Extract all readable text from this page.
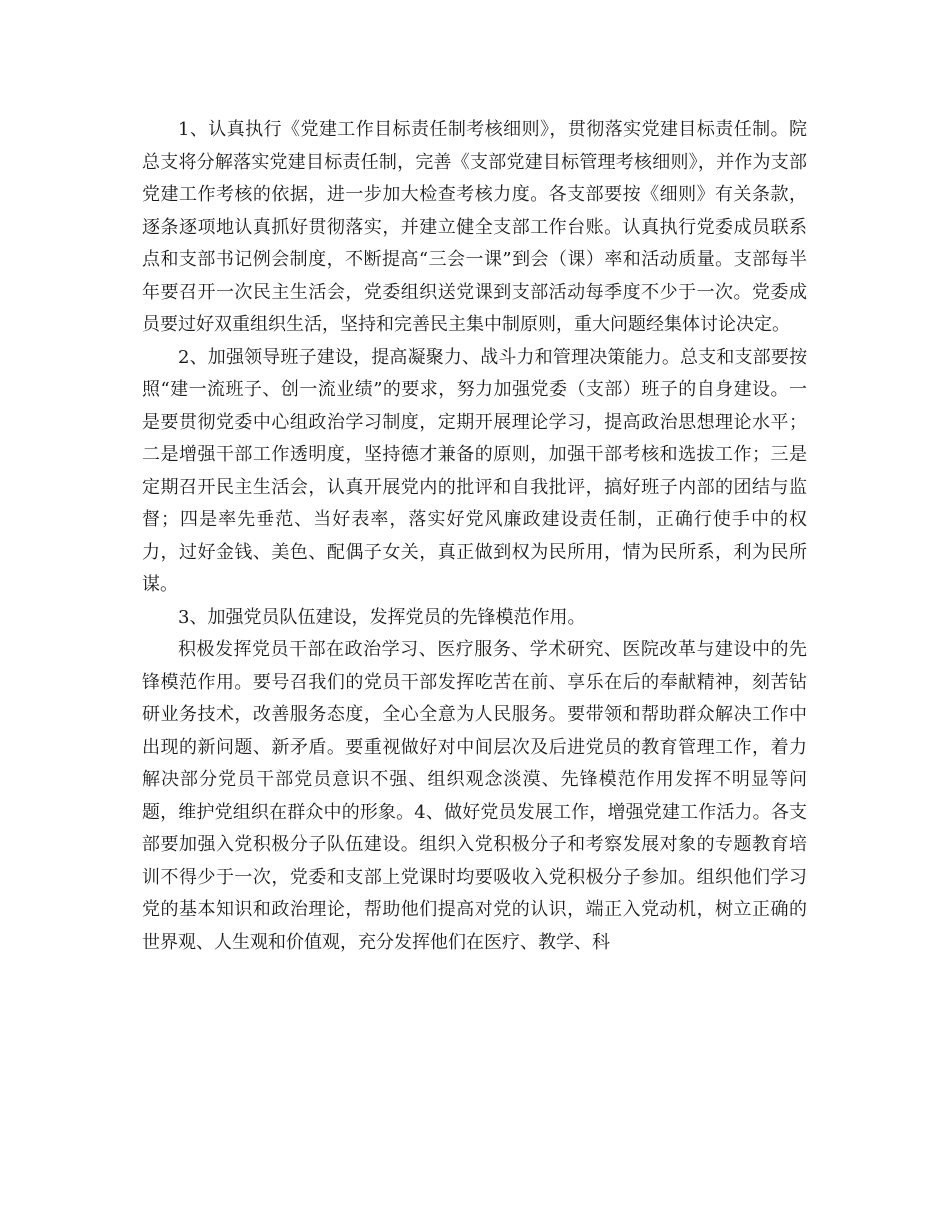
1、认真执行《党建工作目标责任制考核细则》，贯彻落实党建目标责任制。院总支将分解落实党建目标责任制，完善《支部党建目标管理考核细则》，并作为支部党建工作考核的依据，进一步加大检查考核力度。各支部要按《细则》有关条款，逐条逐项地认真抓好贯彻落实，并建立健全支部工作台账。认真执行党委成员联系点和支部书记例会制度，不断提高“三会一课”到会（课）率和活动质量。支部每半年要召开一次民主生活会，党委组织送党课到支部活动每季度不少于一次。党委成员要过好双重组织生活，坚持和完善民主集中制原则，重大问题经集体讨论决定。

2、加强领导班子建设，提高凝聚力、战斗力和管理决策能力。总支和支部要按照“建一流班子、创一流业绩”的要求，努力加强党委（支部）班子的自身建设。一是要贯彻党委中心组政治学习制度，定期开展理论学习，提高政治思想理论水平；二是增强干部工作透明度，坚持德才兼备的原则，加强干部考核和选拔工作；三是定期召开民主生活会，认真开展党内的批评和自我批评，搞好班子内部的团结与监督；四是率先垂范、当好表率，落实好党风廉政建设责任制，正确行使手中的权力，过好金钱、美色、配偶子女关，真正做到权为民所用，情为民所系，利为民所谋。

3、加强党员队伍建设，发挥党员的先锋模范作用。

积极发挥党员干部在政治学习、医疗服务、学术研究、医院改革与建设中的先锋模范作用。要号召我们的党员干部发挥吃苦在前、享乐在后的奉献精神，刻苦钻研业务技术，改善服务态度，全心全意为人民服务。要带领和帮助群众解决工作中出现的新问题、新矛盾。要重视做好对中间层次及后进党员的教育管理工作，着力解决部分党员干部党员意识不强、组织观念淡漠、先锋模范作用发挥不明显等问题，维护党组织在群众中的形象。4、做好党员发展工作，增强党建工作活力。各支部要加强入党积极分子队伍建设。组织入党积极分子和考察发展对象的专题教育培训不得少于一次，党委和支部上党课时均要吸收入党积极分子参加。组织他们学习党的基本知识和政治理论，帮助他们提高对党的认识，端正入党动机，树立正确的世界观、人生观和价值观，充分发挥他们在医疗、教学、科
